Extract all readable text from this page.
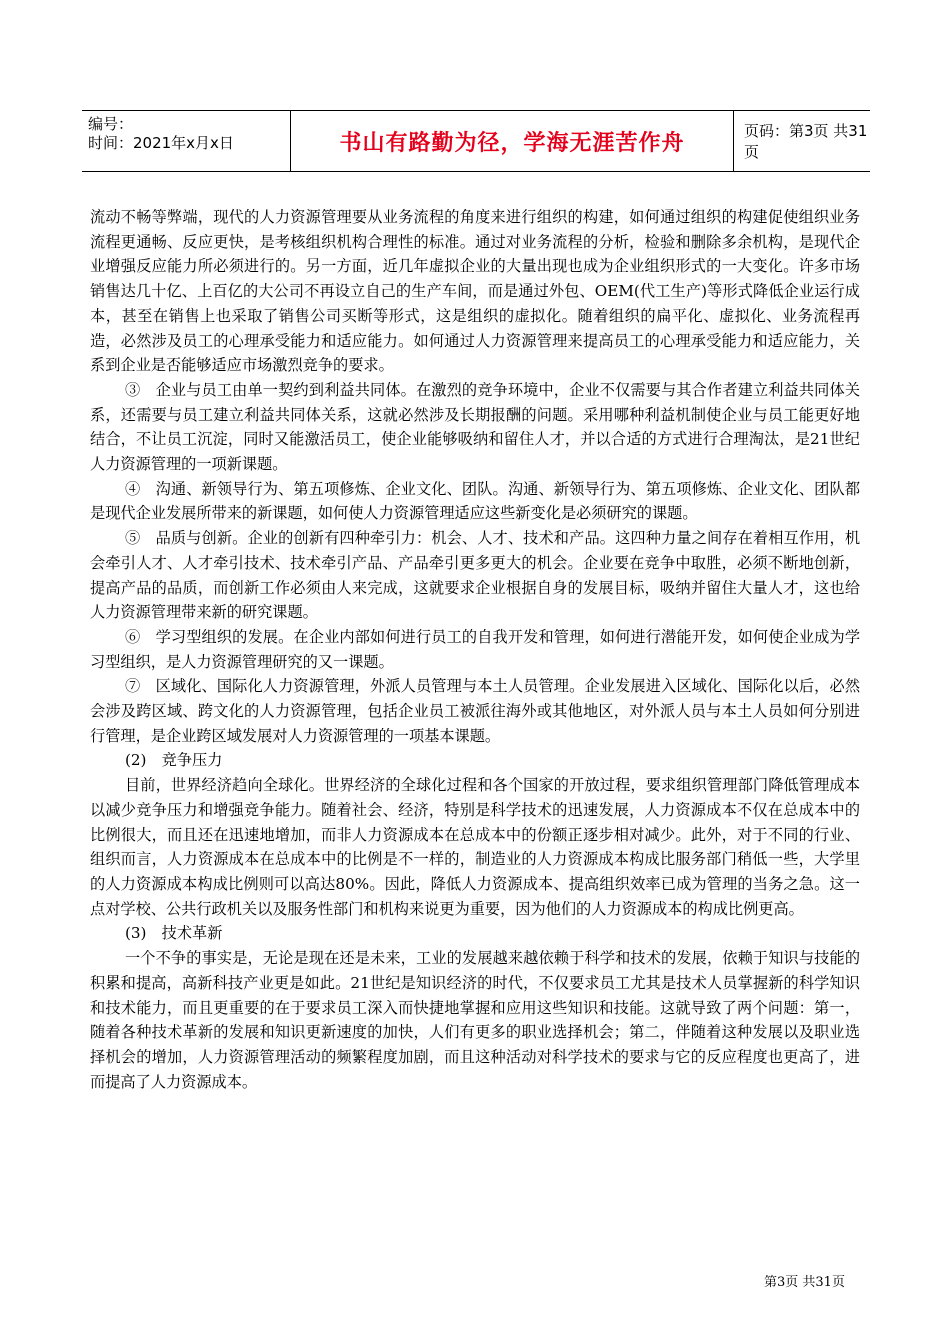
编号：
时间：2021年x月x日	书山有路勤为径，学海无涯苦作舟	页码：第3页 共31页

流动不畅等弊端，现代的人力资源管理要从业务流程的角度来进行组织的构建，如何通过组织的构建促使组织业务流程更通畅、反应更快，是考核组织机构合理性的标准。通过对业务流程的分析，检验和删除多余机构，是现代企业增强反应能力所必须进行的。另一方面，近几年虚拟企业的大量出现也成为企业组织形式的一大变化。许多市场销售达几十亿、上百亿的大公司不再设立自己的生产车间，而是通过外包、OEM(代工生产)等形式降低企业运行成本，甚至在销售上也采取了销售公司买断等形式，这是组织的虚拟化。随着组织的扁平化、虚拟化、业务流程再造，必然涉及员工的心理承受能力和适应能力。如何通过人力资源管理来提高员工的心理承受能力和适应能力，关系到企业是否能够适应市场激烈竞争的要求。

③　企业与员工由单一契约到利益共同体。在激烈的竞争环境中，企业不仅需要与其合作者建立利益共同体关系，还需要与员工建立利益共同体关系，这就必然涉及长期报酬的问题。采用哪种利益机制使企业与员工能更好地结合，不让员工沉淀，同时又能激活员工，使企业能够吸纳和留住人才，并以合适的方式进行合理淘汰，是21世纪人力资源管理的一项新课题。

④　沟通、新领导行为、第五项修炼、企业文化、团队。沟通、新领导行为、第五项修炼、企业文化、团队都是现代企业发展所带来的新课题，如何使人力资源管理适应这些新变化是必须研究的课题。

⑤　品质与创新。企业的创新有四种牵引力：机会、人才、技术和产品。这四种力量之间存在着相互作用，机会牵引人才、人才牵引技术、技术牵引产品、产品牵引更多更大的机会。企业要在竞争中取胜，必须不断地创新，提高产品的品质，而创新工作必须由人来完成，这就要求企业根据自身的发展目标，吸纳并留住大量人才，这也给人力资源管理带来新的研究课题。

⑥　学习型组织的发展。在企业内部如何进行员工的自我开发和管理，如何进行潜能开发，如何使企业成为学习型组织，是人力资源管理研究的又一课题。

⑦　区域化、国际化人力资源管理，外派人员管理与本土人员管理。企业发展进入区域化、国际化以后，必然会涉及跨区域、跨文化的人力资源管理，包括企业员工被派往海外或其他地区，对外派人员与本土人员如何分别进行管理，是企业跨区域发展对人力资源管理的一项基本课题。

(2)　竞争压力

目前，世界经济趋向全球化。世界经济的全球化过程和各个国家的开放过程，要求组织管理部门降低管理成本以减少竞争压力和增强竞争能力。随着社会、经济，特别是科学技术的迅速发展，人力资源成本不仅在总成本中的比例很大，而且还在迅速地增加，而非人力资源成本在总成本中的份额正逐步相对减少。此外，对于不同的行业、组织而言，人力资源成本在总成本中的比例是不一样的，制造业的人力资源成本构成比服务部门稍低一些，大学里的人力资源成本构成比例则可以高达80%。因此，降低人力资源成本、提高组织效率已成为管理的当务之急。这一点对学校、公共行政机关以及服务性部门和机构来说更为重要，因为他们的人力资源成本的构成比例更高。

(3)　技术革新

一个不争的事实是，无论是现在还是未来，工业的发展越来越依赖于科学和技术的发展，依赖于知识与技能的积累和提高，高新科技产业更是如此。21世纪是知识经济的时代，不仅要求员工尤其是技术人员掌握新的科学知识和技术能力，而且更重要的在于要求员工深入而快捷地掌握和应用这些知识和技能。这就导致了两个问题：第一，随着各种技术革新的发展和知识更新速度的加快，人们有更多的职业选择机会；第二，伴随着这种发展以及职业选择机会的增加，人力资源管理活动的频繁程度加剧，而且这种活动对科学技术的要求与它的反应程度也更高了，进而提高了人力资源成本。

第3页 共31页
